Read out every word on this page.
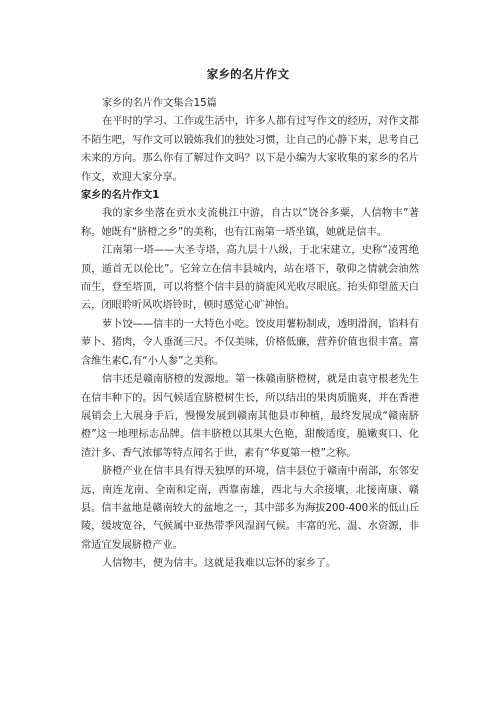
家乡的名片作文

家乡的名片作文集合15篇

在平时的学习、工作或生活中，许多人都有过写作文的经历，对作文都不陌生吧，写作文可以锻炼我们的独处习惯，让自己的心静下来，思考自己未来的方向。那么你有了解过作文吗？以下是小编为大家收集的家乡的名片作文，欢迎大家分享。

家乡的名片作文1

我的家乡坐落在贡水支流桃江中游，自古以“饶谷多粟，人信物丰”著称。她既有“脐橙之乡”的美称，也有江南第一塔坐镇，她就是信丰。

江南第一塔——大圣寺塔，高九层十八级，于北宋建立，史称“凌霄绝顶，遁首无以伦比”。它耸立在信丰县城内，站在塔下，敬仰之情就会油然而生，登至塔顶，可以将整个信丰县的旖旎风光收尽眼底。抬头仰望蓝天白云，闭眼聆听风吹塔铃时，顿时感觉心旷神怡。

萝卜饺——信丰的一大特色小吃。饺皮用薯粉制成，透明滑润，馅料有萝卜、猪肉，令人垂涎三尺。不仅美味，价格低廉，营养价值也很丰富。富含维生素C,有“小人参”之美称。

信丰还是赣南脐橙的发源地。第一株赣南脐橙树，就是由袁守根老先生在信丰种下的。因气候适宜脐橙树生长，所以结出的果肉质脆爽，并在香港展销会上大展身手后，慢慢发展到赣南其他县市种植，最终发展成“赣南脐橙”这一地理标志品牌。信丰脐橙以其果大色艳，甜酸适度，脆嫩爽口、化渣汁多、香气浓郁等特点闻名于世，素有“华夏第一橙”之称。

脐橙产业在信丰具有得天独厚的环境，信丰县位于赣南中南部，东邻安远，南连龙南、全南和定南，西靠南雄，西北与大余接壤，北接南康、赣县。信丰盆地是赣南较大的盆地之一，其中部多为海拔200-400米的低山丘陵，缓坡宽谷，气候属中亚热带季风湿润气候。丰富的光、温、水资源，非常适宜发展脐橙产业。

人信物丰，便为信丰。这就是我难以忘怀的家乡了。
